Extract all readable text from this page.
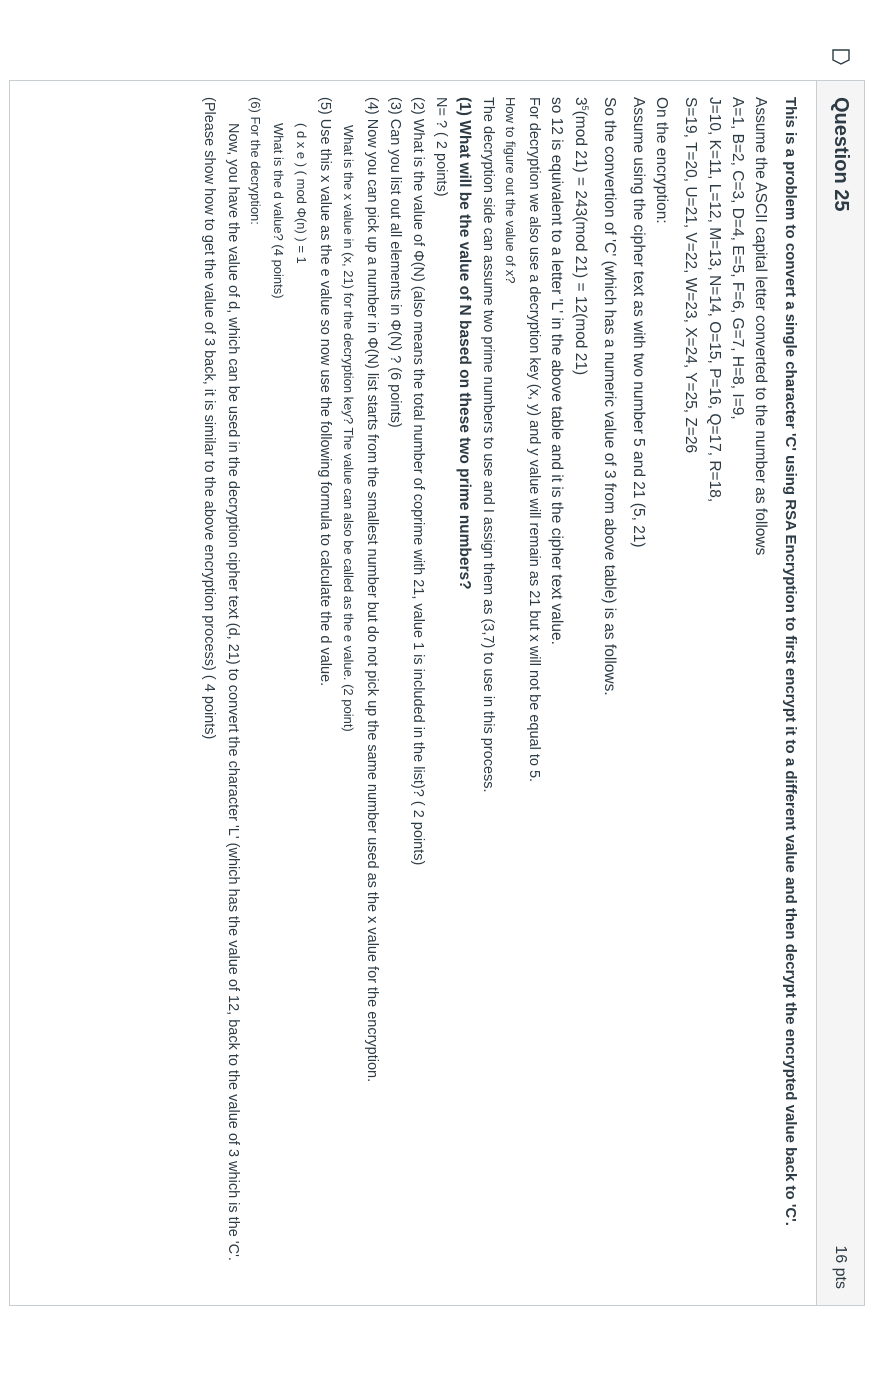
Question 25
16 pts

This is a problem to convert a single character 'C' using RSA Encryption to first encrypt it to a different value and then decrypt the encrypted value back to 'C'.

Assume the ASCII capital letter converted to the number as follows

A=1, B=2, C=3, D=4, E=5, F=6, G=7, H=8, I=9,

J=10, K=11, L=12, M=13, N=14, O=15, P=16, Q=17, R=18,

S=19, T=20, U=21, V=22, W=23, X=24, Y=25, Z=26

On the encryption:

Assume using the cipher text as with two number 5 and 21 (5, 21)

So the convertion of 'C' (which has a numeric value of 3 from above table) is as follows.

$3^5(mod$ 21) = 243(mod 21) = 12(mod 21)

so 12 is equivalent to a letter 'L' in the above table and it is the cipher text value.

For decryption we also use a decryption key (x, y) and y value will remain as 21 but x will not be equal to 5.

How to figure out the value of x?

The decryption side can assume two prime numbers to use and I assign them as (3,7) to use in this process.

(1) What will be the value of N based on these two prime numbers?

N= ? ( 2 points)

(2) What is the value of Φ(N) (also means the total number of coprime with 21, value 1 is included in the list)? ( 2 points)

(3) Can you list out all elements in Φ(N) ? (6 points)

(4) Now you can pick up a number in Φ(N) list starts from the smallest number but do not pick up the same number used as the x value for the encryption.

What is the x value in (x, 21) for the decryption key? The value can also be called as the e value. (2 point)

(5) Use this x value as the e value so now use the following formula to calculate the d value.

( d x e ) ( mod Φ(n) ) = 1

What is the d value? (4 points)

(6) For the decryption:

Now, you have the value of d, which can be used in the decryption cipher text (d, 21) to convert the character 'L' (which has the value of 12, back to the value of 3 which is the 'C'. (Please show how to get the value of 3 back, it is similar to the above encryption process) ( 4 points)
